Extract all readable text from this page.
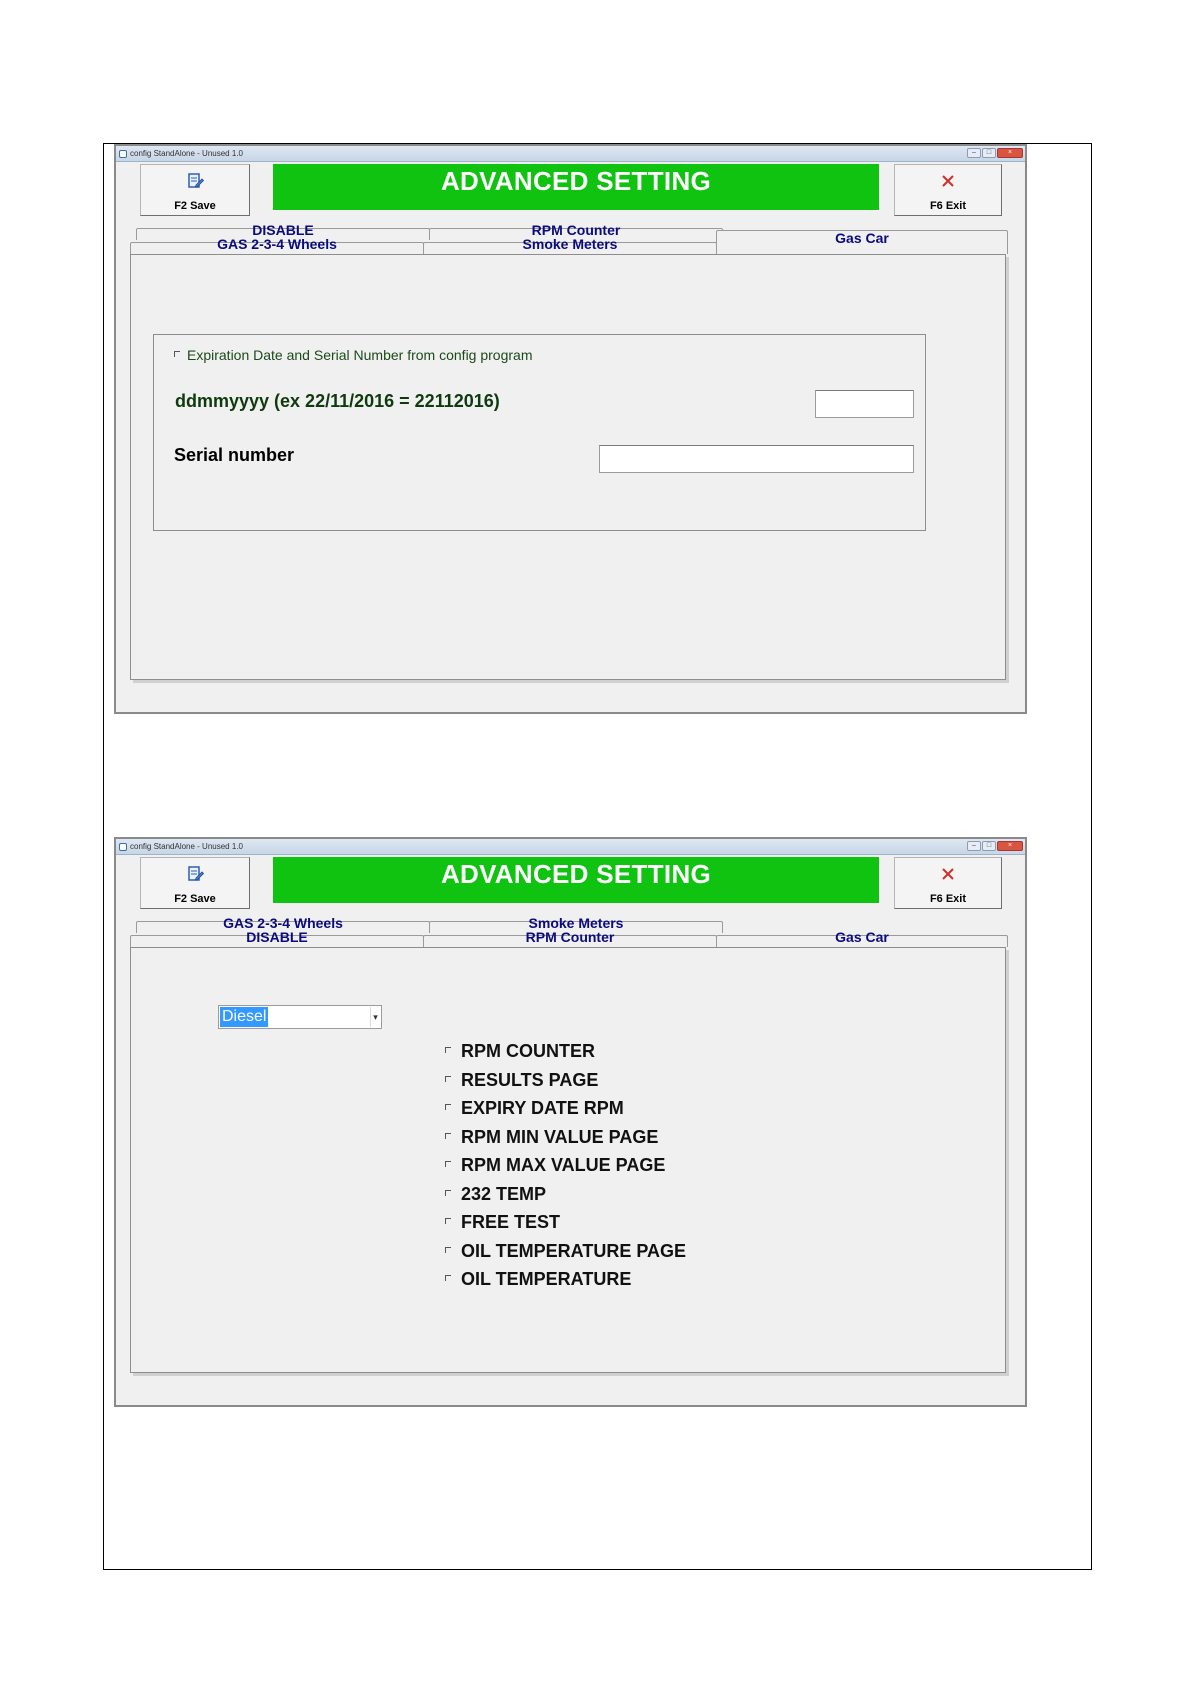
config StandAlone - Unused 1.0	–	□	×
F2 Save
ADVANCED SETTING
F6 Exit
DISABLE	RPM Counter
GAS 2-3-4 Wheels	Smoke Meters	Gas Car
Expiration Date and Serial Number from config program
ddmmyyyy (ex 22/11/2016 = 22112016)
Serial number
config StandAlone - Unused 1.0	–	□	×
F2 Save
ADVANCED SETTING
F6 Exit
GAS 2-3-4 Wheels	Smoke Meters
DISABLE	RPM Counter	Gas Car
Diesel	▾
RPM COUNTER
RESULTS PAGE
EXPIRY DATE RPM
RPM MIN VALUE PAGE
RPM MAX VALUE PAGE
232 TEMP
FREE TEST
OIL TEMPERATURE PAGE
OIL TEMPERATURE
